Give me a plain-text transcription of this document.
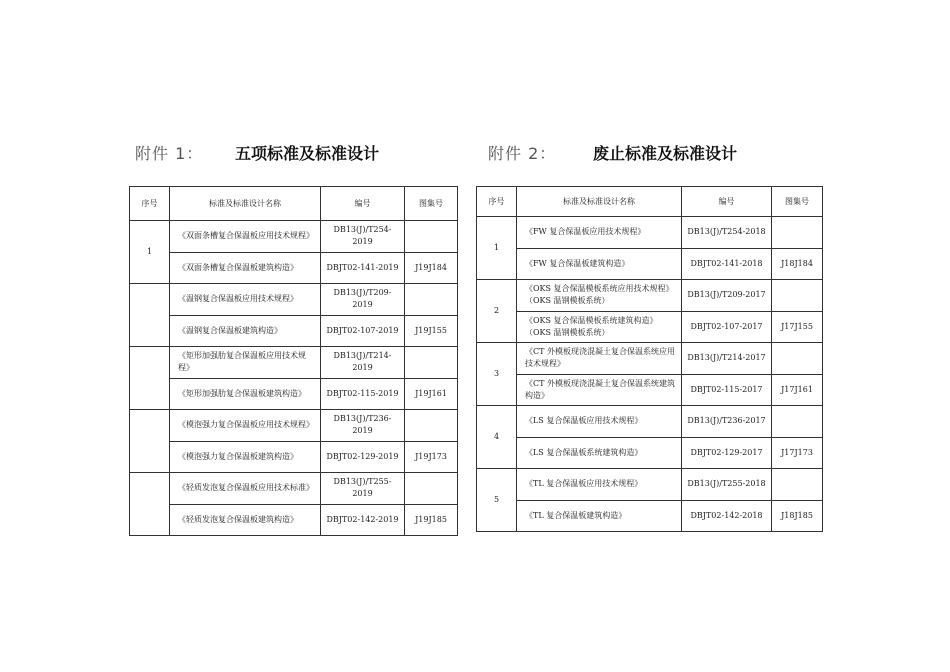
附件 1： 五项标准及标准设计	附件 2： 废止标准及标准设计
序号	标准及标准设计名称	编号	图集号
1	《双面条槽复合保温板应用技术规程》	DB13(J)/T254-2019	
	《双面条槽复合保温板建筑构造》	DBJT02-141-2019	J19J184
	《温钢复合保温板应用技术规程》	DB13(J)/T209-2019	
	《温钢复合保温板建筑构造》	DBJT02-107-2019	J19J155
	《矩形加强肋复合保温板应用技术规程》	DB13(J)/T214-2019	
	《矩形加强肋复合保温板建筑构造》	DBJT02-115-2019	J19J161
	《模泡强力复合保温板应用技术规程》	DB13(J)/T236-2019	
	《模泡强力复合保温板建筑构造》	DBJT02-129-2019	J19J173
	《轻质发泡复合保温板应用技术标准》	DB13(J)/T255-2019	
	《轻质发泡复合保温板建筑构造》	DBJT02-142-2019	J19J185
序号	标准及标准设计名称	编号	图集号
1	《FW 复合保温板应用技术规程》	DB13(J)/T254-2018	
	《FW 复合保温板建筑构造》	DBJT02-141-2018	J18J184
2	《OKS 复合保温模板系统应用技术规程》（OKS 温钢模板系统）	DB13(J)/T209-2017	
	《OKS 复合保温模板系统建筑构造》（OKS 温钢模板系统）	DBJT02-107-2017	J17J155
3	《CT 外模板现浇混凝土复合保温系统应用技术规程》	DB13(J)/T214-2017	
	《CT 外模板现浇混凝土复合保温系统建筑构造》	DBJT02-115-2017	J17J161
4	《LS 复合保温板应用技术规程》	DB13(J)/T236-2017	
	《LS 复合保温板系统建筑构造》	DBJT02-129-2017	J17J173
5	《TL 复合保温板应用技术规程》	DB13(J)/T255-2018	
	《TL 复合保温板建筑构造》	DBJT02-142-2018	J18J185
